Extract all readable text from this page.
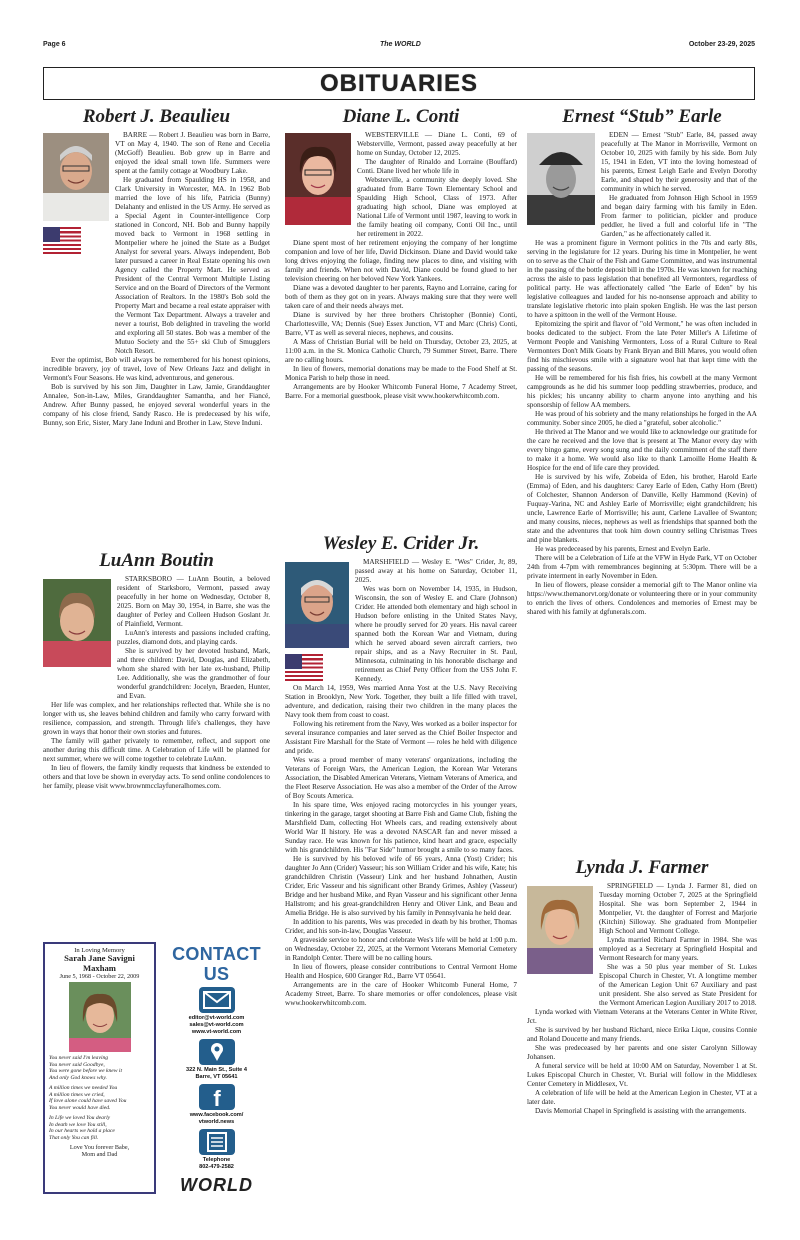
Page 6	The WORLD	October 23-29, 2025
OBITUARIES
Robert J. Beaulieu

BARRE — Robert J. Beaulieu was born in Barre, VT on May 4, 1940. The son of Rene and Cecelia (McGoff) Beaulieu. Bob grew up in Barre and enjoyed the ideal small town life. Summers were spent at the family cottage at Woodbury Lake.

He graduated from Spaulding HS in 1958, and Clark University in Worcester, MA. In 1962 Bob married the love of his life, Patricia (Bunny) Delahanty and enlisted in the US Army. He served as a Special Agent in Counter-intelligence Corp stationed in Concord, NH. Bob and Bunny happily moved back to Vermont in 1968 settling in Montpelier where he joined the State as a Budget Analyst for several years. Always independent, Bob later pursued a career in Real Estate opening his own Agency called the Property Mart. He served as President of the Central Vermont Multiple Listing Service and on the Board of Directors of the Vermont Association of Realtors. In the 1980's Bob sold the Property Mart and became a real estate appraiser with the Vermont Tax Department. Always a traveler and never a tourist, Bob delighted in traveling the world and exploring all 50 states. Bob was a member of the Mutuo Society and the 55+ ski Club of Smugglers Notch Resort.

Ever the optimist, Bob will always be remembered for his honest opinions, incredible bravery, joy of travel, love of New Orleans Jazz and delight in Vermont's Four Seasons. He was kind, adventurous, and generous.

Bob is survived by his son Jim, Daughter in Law, Jamie, Granddaughter Annalee, Son-in-Law, Miles, Granddaughter Samantha, and her Fiancé, Andrew. After Bunny passed, he enjoyed several wonderful years in the company of his close friend, Sandy Rasco. He is predeceased by his wife, Bunny, son Eric, Sister, Mary Jane Induni and Brother in Law, Steve Induni.

LuAnn Boutin

STARKSBORO — LuAnn Boutin, a beloved resident of Starksboro, Vermont, passed away peacefully in her home on Wednesday, October 8, 2025. Born on May 30, 1954, in Barre, she was the daughter of Perley and Colleen Hudson Goslant Jr. of Plainfield, Vermont.

LuAnn's interests and passions included crafting, puzzles, diamond dots, and playing cards.

She is survived by her devoted husband, Mark, and three children: David, Douglas, and Elizabeth, whom she shared with her late ex-husband, Philip Lee. Additionally, she was the grandmother of four wonderful grandchildren: Jocelyn, Braeden, Hunter, and Evan.

Her life was complex, and her relationships reflected that. While she is no longer with us, she leaves behind children and family who carry forward with resilience, compassion, and strength. Through life's challenges, they have grown in ways that honor their own stories and futures.

The family will gather privately to remember, reflect, and support one another during this difficult time. A Celebration of Life will be planned for next summer, where we will come together to celebrate LuAnn.

In lieu of flowers, the family kindly requests that kindness be extended to others and that love be shown in everyday acts. To send online condolences to her family, please visit www.brownmcclayfuneralhomes.com.

In Loving Memory
Sarah Jane Savigni Maxham
June 5, 1968 - October 22, 2009
You never said I'm leaving
You never said Goodbye,
You were gone before we knew it
And only God knows why.
A million times we needed You
A million times we cried,
If love alone could have saved You
You never would have died.
In Life we loved You dearly
In death we love You still,
In our hearts we hold a place
That only You can fill.
Love You forever Babe,
Mom and Dad
CONTACT US
editor@vt-world.com
sales@vt-world.com
www.vt-world.com
322 N. Main St., Suite 4
Barre, VT 05641
f
www.facebook.com/
vtworld.news
Telephone
802-479-2582
WORLD
Diane L. Conti

WEBSTERVILLE — Diane L. Conti, 69 of Websterville, Vermont, passed away peacefully at her home on Sunday, October 12, 2025.

The daughter of Rinaldo and Lorraine (Bouffard) Conti. Diane lived her whole life in

Websterville, a community she deeply loved. She graduated from Barre Town Elementary School and Spaulding High School, Class of 1973. After graduating high school, Diane was employed at National Life of Vermont until 1987, leaving to work in the family heating oil company, Conti Oil Inc., until her retirement in 2022.

Diane spent most of her retirement enjoying the company of her longtime companion and love of her life, David Dickinson. Diane and David would take long drives enjoying the foliage, finding new places to dine, and visiting with family and friends. When not with David, Diane could be found glued to her television cheering on her beloved New York Yankees.

Diane was a devoted daughter to her parents, Rayno and Lorraine, caring for both of them as they got on in years. Always making sure that they were well taken care of and their needs always met.

Diane is survived by her three brothers Christopher (Bonnie) Conti, Charlottesville, VA; Dennis (Sue) Essex Junction, VT and Marc (Chris) Conti, Barre, VT as well as several nieces, nephews, and cousins.

A Mass of Christian Burial will be held on Thursday, October 23, 2025, at 11:00 a.m. in the St. Monica Catholic Church, 79 Summer Street, Barre. There are no calling hours.

In lieu of flowers, memorial donations may be made to the Food Shelf at St. Monica Parish to help those in need.

Arrangements are by Hooker Whitcomb Funeral Home, 7 Academy Street, Barre. For a memorial guestbook, please visit www.hookerwhitcomb.com.

Wesley E. Crider Jr.

MARSHFIELD — Wesley E. "Wes" Crider, Jr, 89, passed away at his home on Saturday, October 11, 2025.

Wes was born on November 14, 1935, in Hudson, Wisconsin, the son of Wesley E. and Clare (Johnson) Crider. He attended both elementary and high school in Hudson before enlisting in the United States Navy, where he proudly served for 20 years. His naval career spanned both the Korean War and Vietnam, during which he served aboard seven aircraft carriers, two repair ships, and as a Navy Recruiter in St. Paul, Minnesota, culminating in his honorable discharge and retirement as Chief Petty Officer from the USS John F. Kennedy.

On March 14, 1959, Wes married Anna Yost at the U.S. Navy Receiving Station in Brooklyn, New York. Together, they built a life filled with travel, adventure, and dedication, raising their two children in the many places the Navy took them from coast to coast.

Following his retirement from the Navy, Wes worked as a boiler inspector for several insurance companies and later served as the Chief Boiler Inspector and Assistant Fire Marshall for the State of Vermont — roles he held with diligence and pride.

Wes was a proud member of many veterans' organizations, including the Veterans of Foreign Wars, the American Legion, the Korean War Veterans Association, the Disabled American Veterans, Vietnam Veterans of America, and the Fleet Reserve Association. He was also a member of the Order of the Arrow of Boy Scouts America.

In his spare time, Wes enjoyed racing motorcycles in his younger years, tinkering in the garage, target shooting at Barre Fish and Game Club, fishing the Marshfield Dam, collecting Hot Wheels cars, and reading extensively about World War II history. He was a devoted NASCAR fan and never missed a Sunday race. He was known for his patience, kind heart and grace, especially with his grandchildren. His "Far Side" humor brought a smile to so many faces.

He is survived by his beloved wife of 66 years, Anna (Yost) Crider; his daughter Jo Ann (Crider) Vasseur; his son William Crider and his wife, Kate; his grandchildren Christin (Vasseur) Link and her husband Johnathen, Austin Crider, Eric Vasseur and his significant other Brandy Grimes, Ashley (Vasseur) Bridge and her husband Mike, and Ryan Vasseur and his significant other Jenna Hallstrom; and his great-grandchildren Henry and Oliver Link, and Beau and Amelia Bridge. He is also survived by his family in Pennsylvania he held dear.

In addition to his parents, Wes was preceded in death by his brother, Thomas Crider, and his son-in-law, Douglas Vasseur.

A graveside service to honor and celebrate Wes's life will be held at 1:00 p.m. on Wednesday, October 22, 2025, at the Vermont Veterans Memorial Cemetery in Randolph Center. There will be no calling hours.

In lieu of flowers, please consider contributions to Central Vermont Home Health and Hospice, 600 Granger Rd., Barre VT 05641.

Arrangements are in the care of Hooker Whitcomb Funeral Home, 7 Academy Street, Barre. To share memories or offer condolences, please visit www.hookerwhitcomb.com.

Ernest “Stub” Earle

EDEN — Ernest "Stub" Earle, 84, passed away peacefully at The Manor in Morrisville, Vermont on October 10, 2025 with family by his side. Born July 15, 1941 in Eden, VT into the loving homestead of his parents, Ernest Leigh Earle and Evelyn Dorothy Earle, and shaped by their generosity and that of the community in which he served.

He graduated from Johnson High School in 1959 and began dairy farming with his family in Eden. From farmer to politician, pickler and produce peddler, he lived a full and colorful life in "The Garden," as he affectionately called it.

He was a prominent figure in Vermont politics in the 70s and early 80s, serving in the legislature for 12 years. During his time in Montpelier, he went on to serve as the Chair of the Fish and Game Committee, and was instrumental in the passing of the bottle deposit bill in the 1970s. He was known for reaching across the aisle to pass legislation that benefited all Vermonters, regardless of political party. He was affectionately called "the Earle of Eden" by his legislative colleagues and lauded for his no-nonsense approach and ability to translate legislative rhetoric into plain spoken English. He was the last person to have a spittoon in the well of the Vermont House.

Epitomizing the spirit and flavor of "old Vermont," he was often included in books dedicated to the subject. From the late Peter Miller's A Lifetime of Vermont People and Vanishing Vermonters, Loss of a Rural Culture to Real Vermonters Don't Milk Goats by Frank Bryan and Bill Mares, you would often find his mischievous smile with a signature wool hat that kept time with the passing of the seasons.

He will be remembered for his fish fries, his cowbell at the many Vermont campgrounds as he did his summer loop peddling strawberries, produce, and his pickles; his uncanny ability to charm anyone into anything and his sponsorship of fellow AA members.

He was proud of his sobriety and the many relationships he forged in the AA community. Sober since 2005, he died a "grateful, sober alcoholic."

He thrived at The Manor and we would like to acknowledge our gratitude for the care he received and the love that is present at The Manor every day with every bingo game, every song sung and the daily commitment of the staff there to make it a home. We would also like to thank Lamoille Home Health & Hospice for the end of life care they provided.

He is survived by his wife, Zobeida of Eden, his brother, Harold Earle (Emma) of Eden, and his daughters: Carey Earle of Eden, Cathy Horn (Brett) of Colchester, Shannon Anderson of Danville, Kelly Hammond (Kevin) of Fuquay-Varina, NC and Ashley Earle of Morrisville; eight grandchildren; his uncle, Lawrence Earle of Morrisville; his aunt, Carlene Lavallee of Swanton; and many cousins, nieces, nephews as well as friendships that spanned both the state and the adventures that took him down country selling Christmas Trees and pine blankets.

He was predeceased by his parents, Ernest and Evelyn Earle.

There will be a Celebration of Life at the VFW in Hyde Park, VT on October 24th from 4-7pm with remembrances beginning at 5:30pm. There will be a private interment in early November in Eden.

In lieu of flowers, please consider a memorial gift to The Manor online via https://www.themanorvt.org/donate or volunteering there or in your community to enrich the lives of others. Condolences and memories of Ernest may be shared with his family at dgfunerals.com.

Lynda J. Farmer

SPRINGFIELD — Lynda J. Farmer 81, died on Tuesday morning October 7, 2025 at the Springfield Hospital. She was born September 2, 1944 in Montpelier, Vt. the daughter of Forrest and Marjorie (Kitchin) Silloway. She graduated from Montpelier High School and Vermont College.

Lynda married Richard Farmer in 1984. She was employed as a Secretary at Springfield Hospital and Vermont Research for many years.

She was a 50 plus year member of St. Lukes Episcopal Church in Chester, Vt. A longtime member of the American Legion Unit 67 Auxiliary and past unit president. She also served as State President for the Vermont American Legion Auxiliary 2017 to 2018.

Lynda worked with Vietnam Veterans at the Veterans Center in White River, Jct.

She is survived by her husband Richard, niece Erika Lique, cousins Connie and Roland Doucette and many friends.

She was predeceased by her parents and one sister Carolynn Silloway Johansen.

A funeral service will be held at 10:00 AM on Saturday, November 1 at St. Lukes Episcopal Church in Chester, Vt. Burial will follow in the Middlesex Center Cemetery in Middlesex, Vt.

A celebration of life will be held at the American Legion in Chester, VT at a later date.

Davis Memorial Chapel in Springfield is assisting with the arrangements.
